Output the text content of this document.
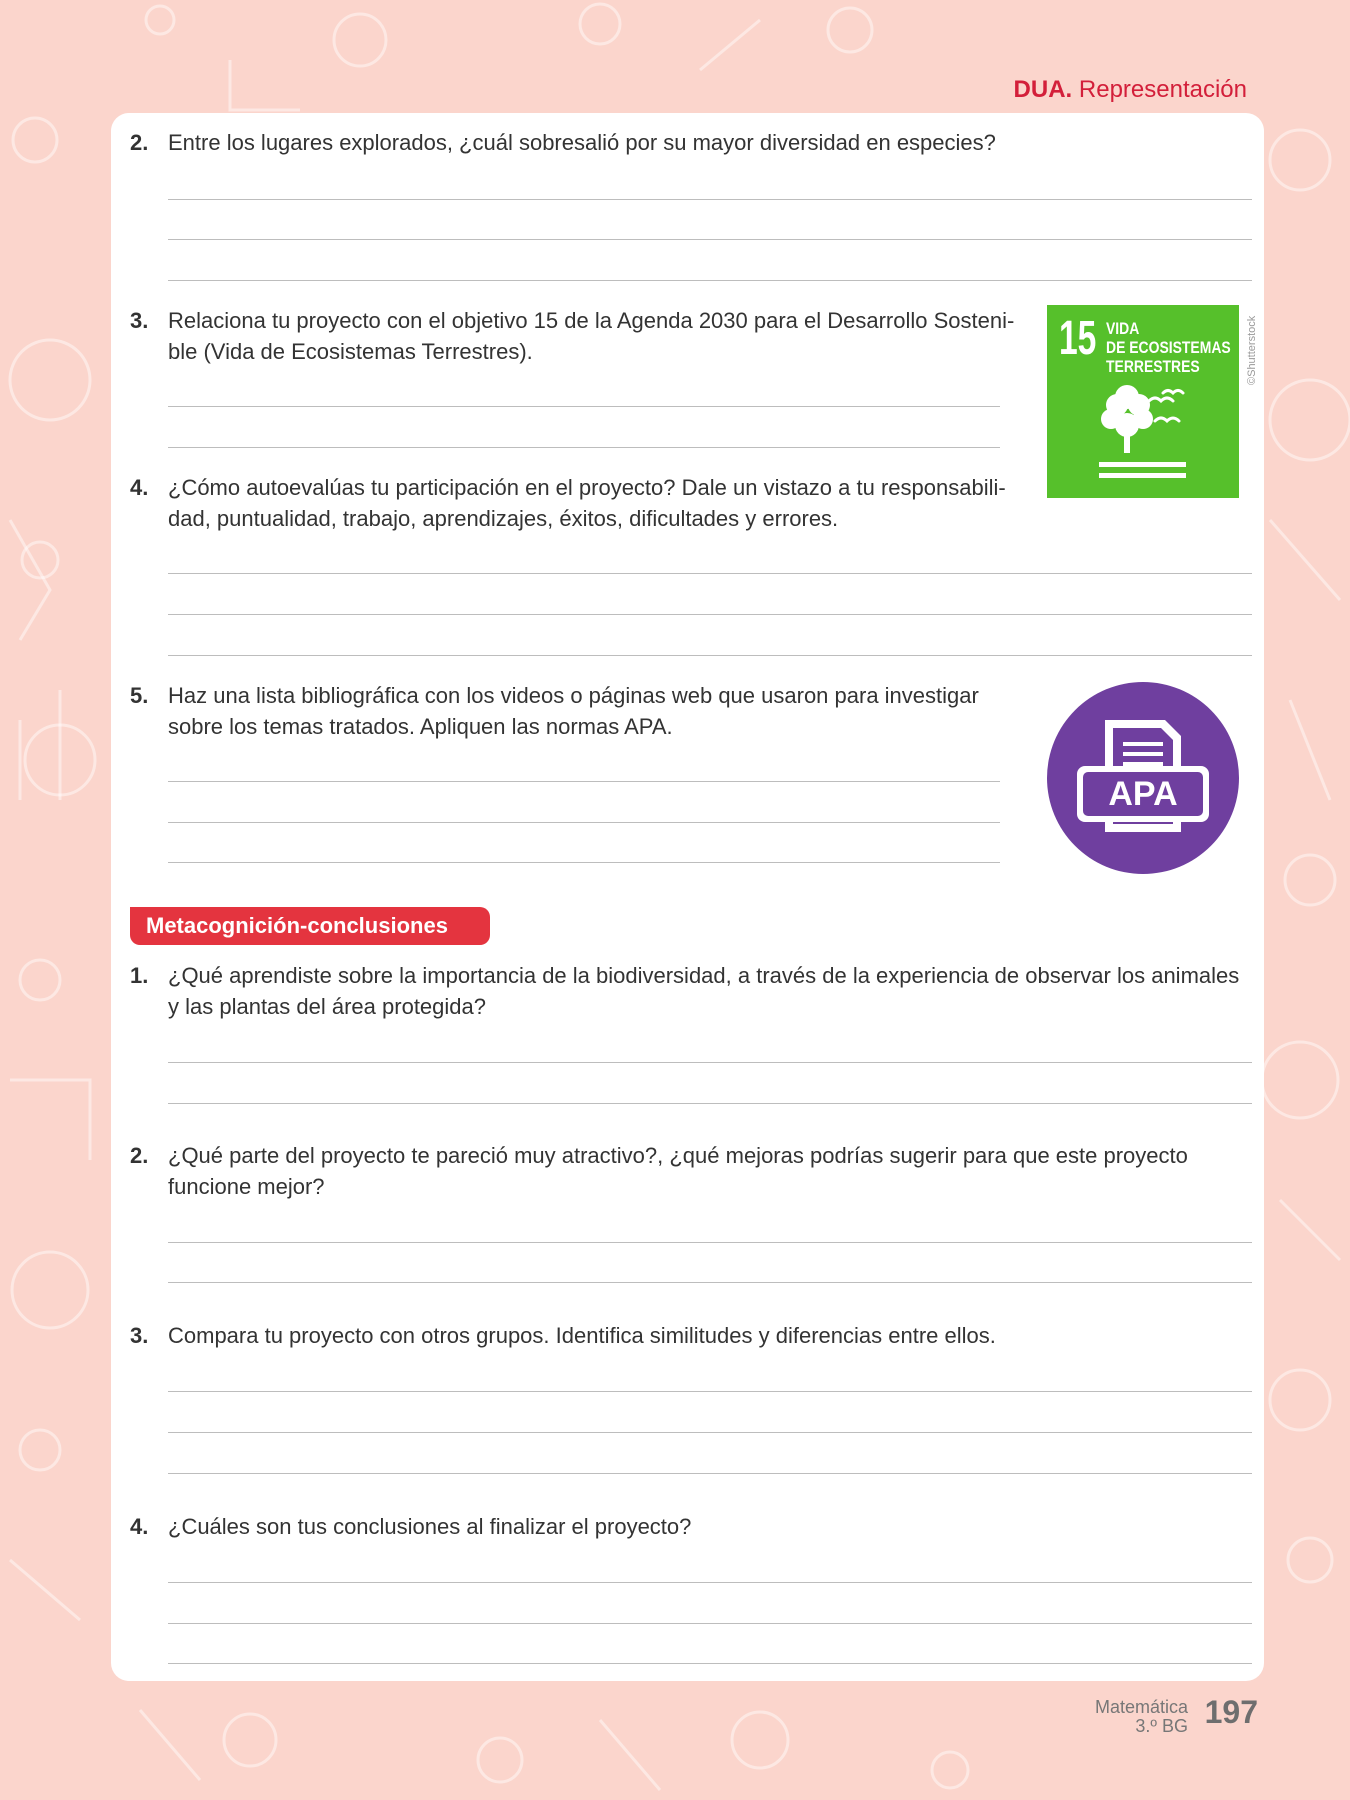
DUA. Representación
2. Entre los lugares explorados, ¿cuál sobresalió por su mayor diversidad en especies?
3. Relaciona tu proyecto con el objetivo 15 de la Agenda 2030 para el Desarrollo Sosteni-
ble (Vida de Ecosistemas Terrestres).	15 VIDA
DE ECOSISTEMAS
TERRESTRES	©Shutterstock
4. ¿Cómo autoevalúas tu participación en el proyecto? Dale un vistazo a tu responsabili-
dad, puntualidad, trabajo, aprendizajes, éxitos, dificultades y errores.
5. Haz una lista bibliográfica con los videos o páginas web que usaron para investigar
sobre los temas tratados. Apliquen las normas APA.
APA
Metacognición-conclusiones
1. ¿Qué aprendiste sobre la importancia de la biodiversidad, a través de la experiencia de observar los animales
y las plantas del área protegida?
2. ¿Qué parte del proyecto te pareció muy atractivo?, ¿qué mejoras podrías sugerir para que este proyecto
funcione mejor?
3. Compara tu proyecto con otros grupos. Identifica similitudes y diferencias entre ellos.
4. ¿Cuáles son tus conclusiones al finalizar el proyecto?
Matemática
3.º BG 197
